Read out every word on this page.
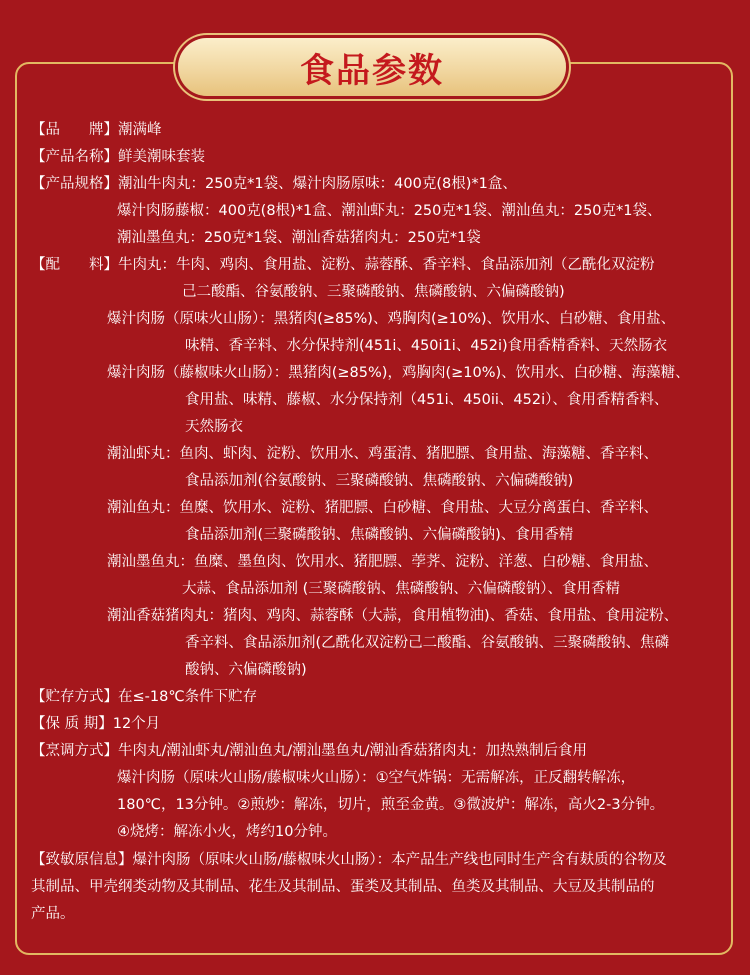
食品参数
【品　　牌】潮满峰
【产品名称】鲜美潮味套装
【产品规格】潮汕牛肉丸：250克*1袋、爆汁肉肠原味：400克(8根)*1盒、
爆汁肉肠藤椒：400克(8根)*1盒、潮汕虾丸：250克*1袋、潮汕鱼丸：250克*1袋、
潮汕墨鱼丸：250克*1袋、潮汕香菇猪肉丸：250克*1袋
【配　　料】牛肉丸：牛肉、鸡肉、食用盐、淀粉、蒜蓉酥、香辛料、食品添加剂（乙酰化双淀粉
己二酸酯、谷氨酸钠、三聚磷酸钠、焦磷酸钠、六偏磷酸钠)
爆汁肉肠（原味火山肠）：黑猪肉(≥85%)、鸡胸肉(≥10%)、饮用水、白砂糖、食用盐、
味精、香辛料、水分保持剂(451i、450i1i、452i)食用香精香料、天然肠衣
爆汁肉肠（藤椒味火山肠）：黑猪肉(≥85%)，鸡胸肉(≥10%)、饮用水、白砂糖、海藻糖、
食用盐、味精、藤椒、水分保持剂（451i、450ii、452i）、食用香精香料、
天然肠衣
潮汕虾丸：鱼肉、虾肉、淀粉、饮用水、鸡蛋清、猪肥膘、食用盐、海藻糖、香辛料、
食品添加剂(谷氨酸钠、三聚磷酸钠、焦磷酸钠、六偏磷酸钠)
潮汕鱼丸：鱼糜、饮用水、淀粉、猪肥膘、白砂糖、食用盐、大豆分离蛋白、香辛料、
食品添加剂(三聚磷酸钠、焦磷酸钠、六偏磷酸钠)、食用香精
潮汕墨鱼丸：鱼糜、墨鱼肉、饮用水、猪肥膘、荸荠、淀粉、洋葱、白砂糖、食用盐、
大蒜、食品添加剂 (三聚磷酸钠、焦磷酸钠、六偏磷酸钠）、食用香精
潮汕香菇猪肉丸：猪肉、鸡肉、蒜蓉酥（大蒜，食用植物油)、香菇、食用盐、食用淀粉、
香辛料、食品添加剂(乙酰化双淀粉己二酸酯、谷氨酸钠、三聚磷酸钠、焦磷
酸钠、六偏磷酸钠)
【贮存方式】在≤-18℃条件下贮存
【保 质 期】12个月
【烹调方式】牛肉丸/潮汕虾丸/潮汕鱼丸/潮汕墨鱼丸/潮汕香菇猪肉丸：加热熟制后食用
爆汁肉肠（原味火山肠/藤椒味火山肠）：①空气炸锅：无需解冻，正反翻转解冻，
180℃，13分钟。②煎炒：解冻，切片，煎至金黄。③微波炉：解冻，高火2-3分钟。
④烧烤：解冻小火，烤约10分钟。
【致敏原信息】爆汁肉肠（原味火山肠/藤椒味火山肠）：本产品生产线也同时生产含有麸质的谷物及
其制品、甲壳纲类动物及其制品、花生及其制品、蛋类及其制品、鱼类及其制品、大豆及其制品的
产品。
